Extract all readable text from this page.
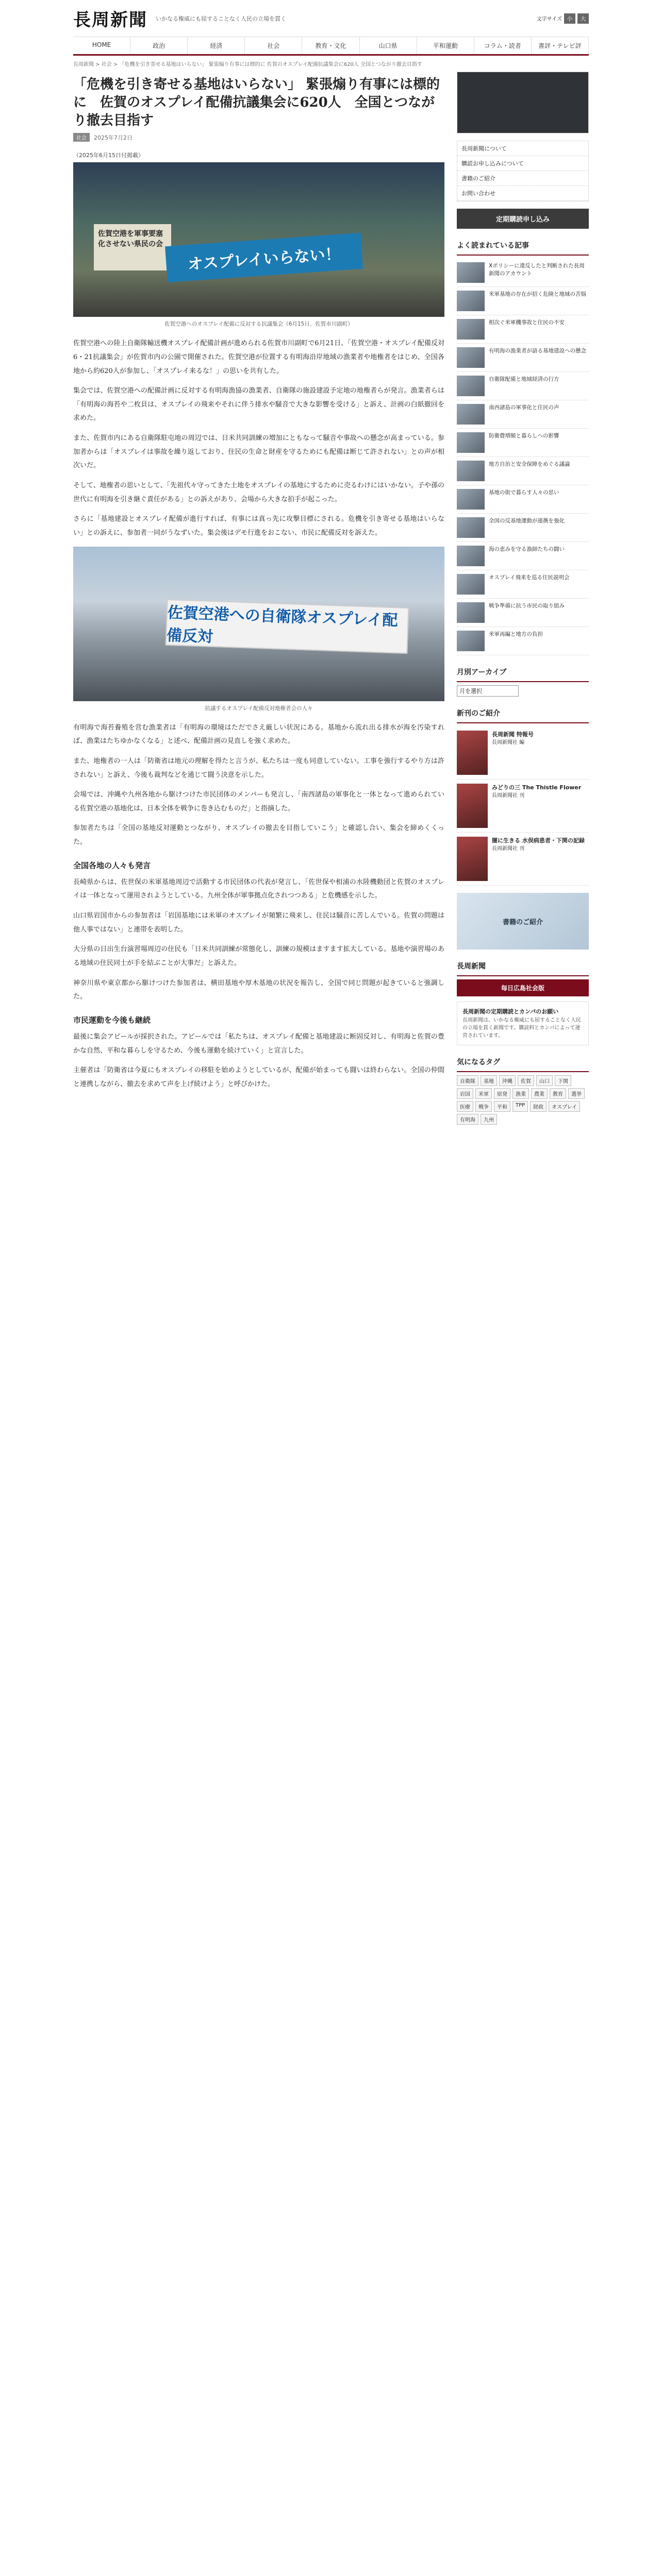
長周新聞 いかなる権威にも屈することなく人民の立場を貫く	文字サイズ 小	大
HOME	政治	経済	社会	教育・文化	山口県	平和運動	コラム・読者	書評・テレビ評
長周新聞 > 社会 > 「危機を引き寄せる基地はいらない」 緊張煽り有事には標的に 佐賀のオスプレイ配備抗議集会に620人 全国とつながり撤去目指す
「危機を引き寄せる基地はいらない」 緊張煽り有事には標的に　佐賀のオスプレイ配備抗議集会に620人　全国とつながり撤去目指す
社会	2025年7月2日
（2025年6月15日付掲載）
佐賀空港を軍事要塞化させない県民の会
オスプレイいらない！
佐賀空港へのオスプレイ配備に反対する抗議集会（6月15日、佐賀市川副町）

佐賀空港への陸上自衛隊輸送機オスプレイ配備計画が進められる佐賀市川副町で6月21日、「佐賀空港・オスプレイ配備反対　6・21抗議集会」が佐賀市内の公園で開催された。佐賀空港が位置する有明海沿岸地域の漁業者や地権者をはじめ、全国各地から約620人が参加し、「オスプレイ来るな！」の思いを共有した。

集会では、佐賀空港への配備計画に反対する有明海漁協の漁業者、自衛隊の施設建設予定地の地権者らが発言。漁業者らは「有明海の海苔や二枚貝は、オスプレイの飛来やそれに伴う排水や騒音で大きな影響を受ける」と訴え、計画の白紙撤回を求めた。

また、佐賀市内にある自衛隊駐屯地の周辺では、日米共同訓練の増加にともなって騒音や事故への懸念が高まっている。参加者からは「オスプレイは事故を繰り返しており、住民の生命と財産を守るためにも配備は断じて許されない」との声が相次いだ。

そして、地権者の思いとして、「先祖代々守ってきた土地をオスプレイの基地にするために売るわけにはいかない。子や孫の世代に有明海を引き継ぐ責任がある」との訴えがあり、会場から大きな拍手が起こった。

さらに「基地建設とオスプレイ配備が進行すれば、有事には真っ先に攻撃目標にされる。危機を引き寄せる基地はいらない」との訴えに、参加者一同がうなずいた。集会後はデモ行進をおこない、市民に配備反対を訴えた。

佐賀空港への自衛隊オスプレイ配備反対
抗議するオスプレイ配備反対地権者会の人々

有明海で海苔養殖を営む漁業者は「有明海の環境はただでさえ厳しい状況にある。基地から流れ出る排水が海を汚染すれば、漁業はたちゆかなくなる」と述べ、配備計画の見直しを強く求めた。

また、地権者の一人は「防衛省は地元の理解を得たと言うが、私たちは一度も同意していない。工事を強行するやり方は許されない」と訴え、今後も裁判などを通じて闘う決意を示した。

会場では、沖縄や九州各地から駆けつけた市民団体のメンバーも発言し、「南西諸島の軍事化と一体となって進められている佐賀空港の基地化は、日本全体を戦争に巻き込むものだ」と指摘した。

参加者たちは「全国の基地反対運動とつながり、オスプレイの撤去を目指していこう」と確認し合い、集会を締めくくった。

全国各地の人々も発言

長崎県からは、佐世保の米軍基地周辺で活動する市民団体の代表が発言し、「佐世保や相浦の水陸機動団と佐賀のオスプレイは一体となって運用されようとしている。九州全体が軍事拠点化されつつある」と危機感を示した。

山口県岩国市からの参加者は「岩国基地には米軍のオスプレイが頻繁に飛来し、住民は騒音に苦しんでいる。佐賀の問題は他人事ではない」と連帯を表明した。

大分県の日出生台演習場周辺の住民も「日米共同訓練が常態化し、訓練の規模はますます拡大している。基地や演習場のある地域の住民同士が手を結ぶことが大事だ」と訴えた。

神奈川県や東京都から駆けつけた参加者は、横田基地や厚木基地の状況を報告し、全国で同じ問題が起きていると強調した。

市民運動を今後も継続

最後に集会アピールが採択された。アピールでは「私たちは、オスプレイ配備と基地建設に断固反対し、有明海と佐賀の豊かな自然、平和な暮らしを守るため、今後も運動を続けていく」と宣言した。

主催者は「防衛省は今夏にもオスプレイの移駐を始めようとしているが、配備が始まっても闘いは終わらない。全国の仲間と連携しながら、撤去を求めて声を上げ続けよう」と呼びかけた。

長周新聞について
購読お申し込みについて
書籍のご紹介
お問い合わせ
定期購読申し込み
よく読まれている記事
Xポリシーに違反したと判断された長周新聞のアカウント
米軍基地の存在が招く危険と地域の苦悩
相次ぐ米軍機事故と住民の不安
有明海の漁業者が語る基地建設への懸念
自衛隊配備と地域経済の行方
南西諸島の軍事化と住民の声
防衛費増額と暮らしへの影響
地方自治と安全保障をめぐる議論
基地の街で暮らす人々の思い
全国の反基地運動が連携を強化
海の恵みを守る漁師たちの闘い
オスプレイ飛来を巡る住民説明会
戦争準備に抗う市民の取り組み
米軍再編と地方の負担
月別アーカイブ
月を選択
新刊のご紹介
長周新聞 特報号
長周新聞社 編
みどりの三 The Thistle Flower
長周新聞社 刊
闇に生きる 水俣病患者・下関の記録
長周新聞社 刊
書籍のご紹介
長周新聞
毎日広島社会版
長周新聞の定期購読とカンパのお願い
長周新聞は、いかなる権威にも屈することなく人民の立場を貫く新聞です。購読料とカンパによって運営されています。
気になるタグ
自衛隊	基地	沖縄	佐賀	山口	下関
岩国	米軍	原発	漁業	農業	教育	選挙
医療	戦争	平和	TPP	財政	オスプレイ
有明海	九州
